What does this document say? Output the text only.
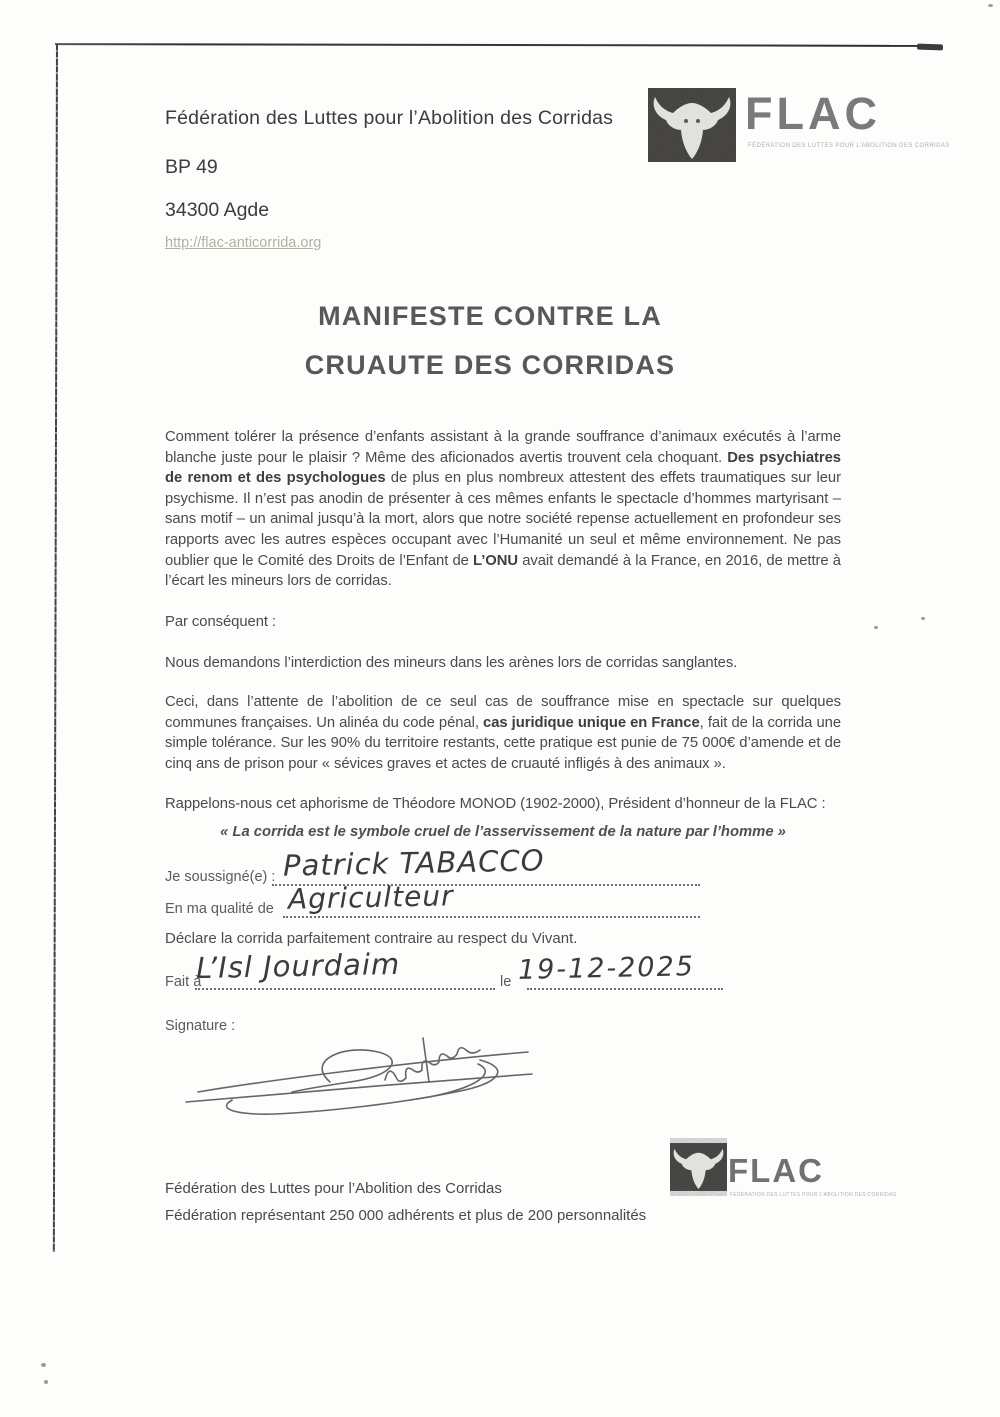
Fédération des Luttes pour l’Abolition des Corridas
BP 49
34300 Agde
http://flac-anticorrida.org
FLAC
FÉDÉRATION DES LUTTES POUR L’ABOLITION DES CORRIDAS
MANIFESTE CONTRE LA
CRUAUTE DES CORRIDAS
Comment tolérer la présence d’enfants assistant à la grande souffrance d’animaux exécutés à l’arme blanche juste pour le plaisir ? Même des aficionados avertis trouvent cela choquant. Des psychiatres de renom et des psychologues de plus en plus nombreux attestent des effets traumatiques sur leur psychisme. Il n’est pas anodin de présenter à ces mêmes enfants le spectacle d’hommes martyrisant – sans motif – un animal jusqu’à la mort, alors que notre société repense actuellement en profondeur ses rapports avec les autres espèces occupant avec l’Humanité un seul et même environnement. Ne pas oublier que le Comité des Droits de l’Enfant de L’ONU avait demandé à la France, en 2016, de mettre à l’écart les mineurs lors de corridas.
Par conséquent :
Nous demandons l’interdiction des mineurs dans les arènes lors de corridas sanglantes.
Ceci, dans l’attente de l’abolition de ce seul cas de souffrance mise en spectacle sur quelques communes françaises. Un alinéa du code pénal, cas juridique unique en France, fait de la corrida une simple tolérance. Sur les 90% du territoire restants, cette pratique est punie de 75 000€ d’amende et de cinq ans de prison pour « sévices graves et actes de cruauté infligés à des animaux ».
Rappelons-nous cet aphorisme de Théodore MONOD (1902-2000), Président d’honneur de la FLAC :
« La corrida est le symbole cruel de l’asservissement de la nature par l’homme »
Je soussigné(e) : Patrick TABACCO
En ma qualité de Agriculteur
Déclare la corrida parfaitement contraire au respect du Vivant.
Fait à
L’Isl Jourdaim	le 19-12-2025
Signature :
FLAC
FÉDÉRATION DES LUTTES POUR L’ABOLITION DES CORRIDAS
Fédération des Luttes pour l’Abolition des Corridas
Fédération représentant 250 000 adhérents et plus de 200 personnalités
